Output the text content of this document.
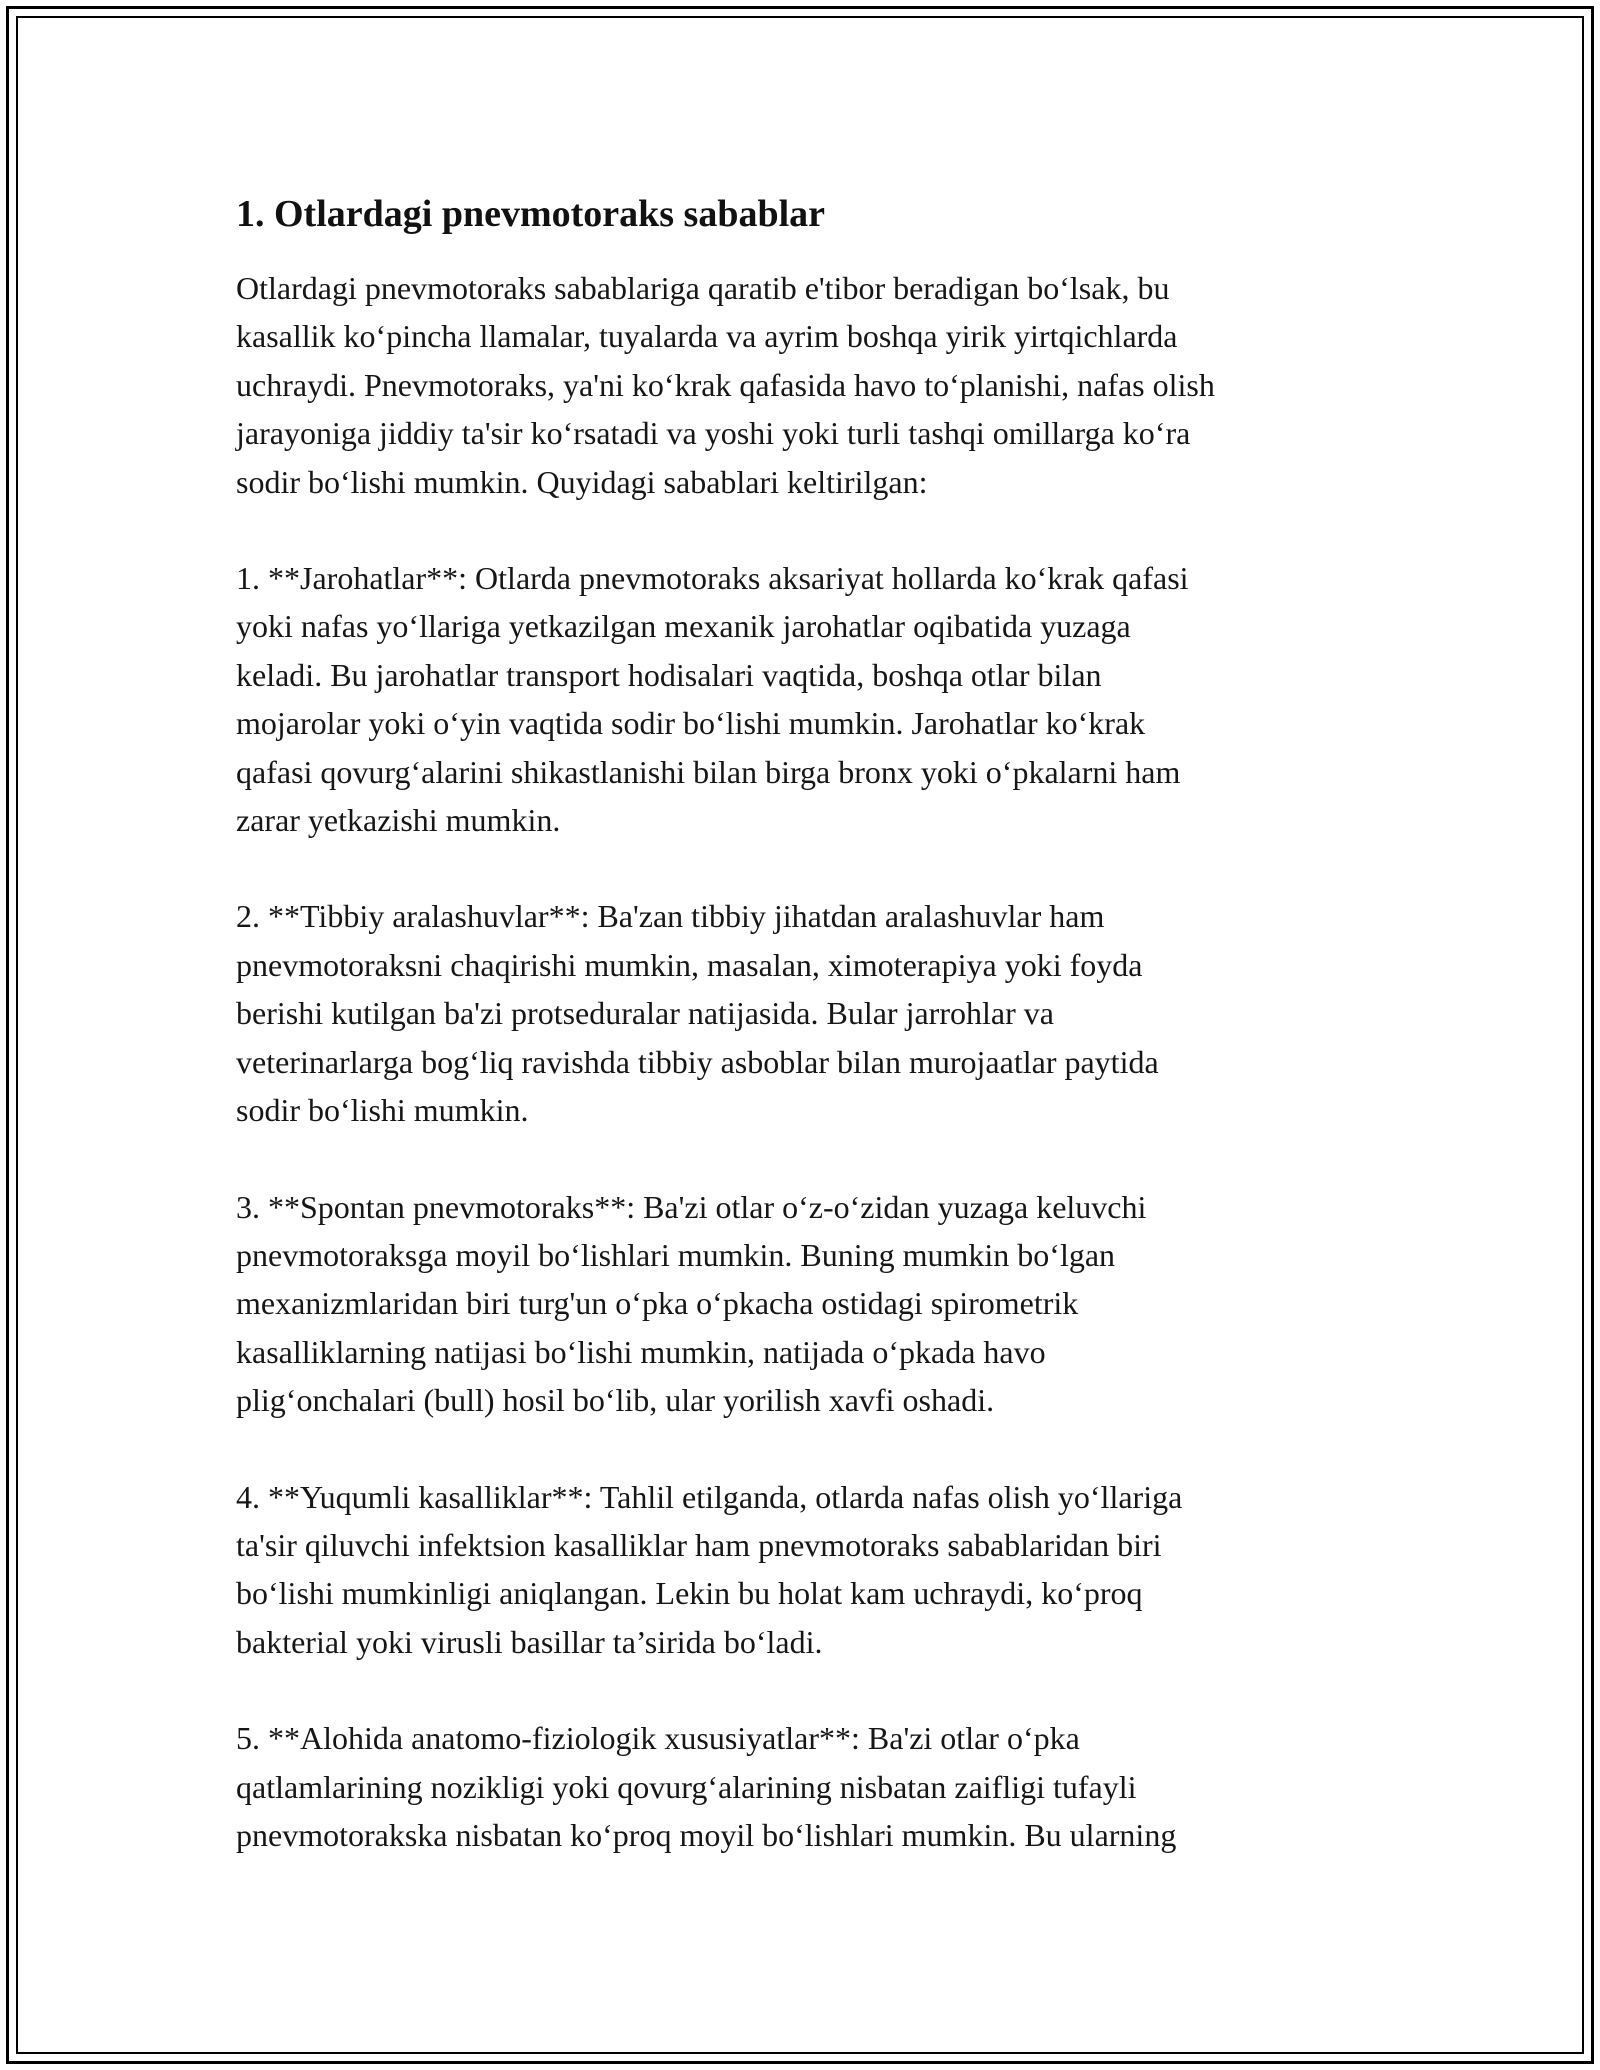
1. Otlardagi pnevmotoraks sabablar

Otlardagi pnevmotoraks sabablariga qaratib e'tibor beradigan bo‘lsak, bu
kasallik ko‘pincha llamalar, tuyalarda va ayrim boshqa yirik yirtqichlarda
uchraydi. Pnevmotoraks, ya'ni ko‘krak qafasida havo to‘planishi, nafas olish
jarayoniga jiddiy ta'sir ko‘rsatadi va yoshi yoki turli tashqi omillarga ko‘ra
sodir bo‘lishi mumkin. Quyidagi sabablari keltirilgan:

1. **Jarohatlar**: Otlarda pnevmotoraks aksariyat hollarda ko‘krak qafasi
yoki nafas yo‘llariga yetkazilgan mexanik jarohatlar oqibatida yuzaga
keladi. Bu jarohatlar transport hodisalari vaqtida, boshqa otlar bilan
mojarolar yoki o‘yin vaqtida sodir bo‘lishi mumkin. Jarohatlar ko‘krak
qafasi qovurg‘alarini shikastlanishi bilan birga bronx yoki o‘pkalarni ham
zarar yetkazishi mumkin.

2. **Tibbiy aralashuvlar**: Ba'zan tibbiy jihatdan aralashuvlar ham
pnevmotoraksni chaqirishi mumkin, masalan, ximoterapiya yoki foyda
berishi kutilgan ba'zi protseduralar natijasida. Bular jarrohlar va
veterinarlarga bog‘liq ravishda tibbiy asboblar bilan murojaatlar paytida
sodir bo‘lishi mumkin.

3. **Spontan pnevmotoraks**: Ba'zi otlar o‘z-o‘zidan yuzaga keluvchi
pnevmotoraksga moyil bo‘lishlari mumkin. Buning mumkin bo‘lgan
mexanizmlaridan biri turg'un o‘pka o‘pkacha ostidagi spirometrik
kasalliklarning natijasi bo‘lishi mumkin, natijada o‘pkada havo
plig‘onchalari (bull) hosil bo‘lib, ular yorilish xavfi oshadi.

4. **Yuqumli kasalliklar**: Tahlil etilganda, otlarda nafas olish yo‘llariga
ta'sir qiluvchi infektsion kasalliklar ham pnevmotoraks sabablaridan biri
bo‘lishi mumkinligi aniqlangan. Lekin bu holat kam uchraydi, ko‘proq
bakterial yoki virusli basillar ta’sirida bo‘ladi.

5. **Alohida anatomo-fiziologik xususiyatlar**: Ba'zi otlar o‘pka
qatlamlarining nozikligi yoki qovurg‘alarining nisbatan zaifligi tufayli
pnevmotorakska nisbatan ko‘proq moyil bo‘lishlari mumkin. Bu ularning
